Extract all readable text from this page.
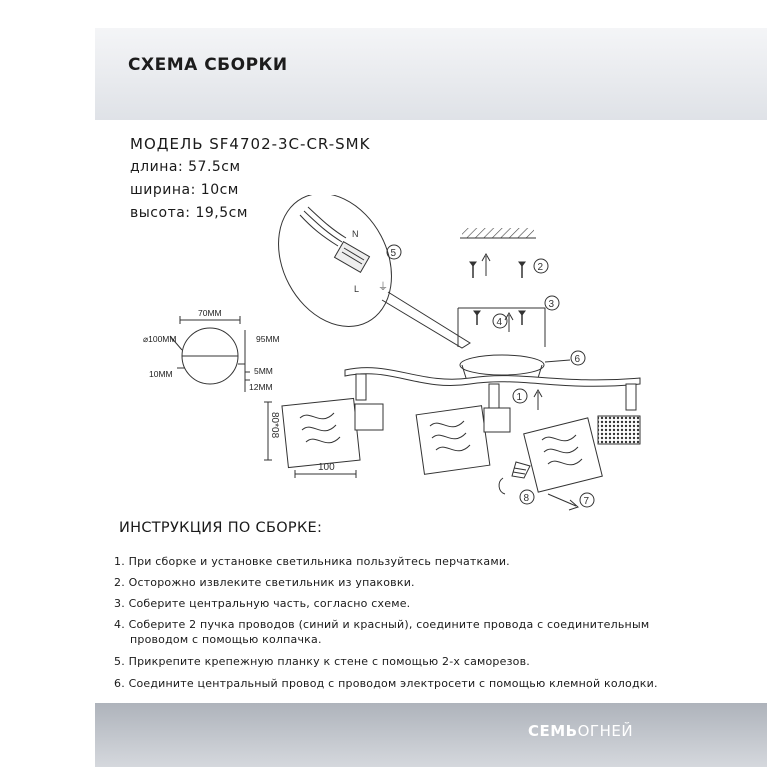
СХЕМА СБОРКИ
МОДЕЛЬ SF4702-3C-CR-SMK
длина: 57.5см
ширина: 10см
высота: 19,5см
N
L ⏚
5
2
3
4
6
1
8	7
80*08
100
70MM
⌀100MM	95MM
10MM	5MM
12MM
ИНСТРУКЦИЯ ПО СБОРКЕ:
1. При сборке и установке светильника пользуйтесь перчатками.
2. Осторожно извлеките светильник из упаковки.
3. Соберите центральную часть, согласно схеме.
4. Соберите 2 пучка проводов (синий и красный), соедините провода с соединительным
проводом с помощью колпачка.
5. Прикрепите крепежную планку к стене с помощью 2-х саморезов.
6. Соедините центральный провод с проводом электросети с помощью клемной колодки.
СЕМЬОГНЕЙ
